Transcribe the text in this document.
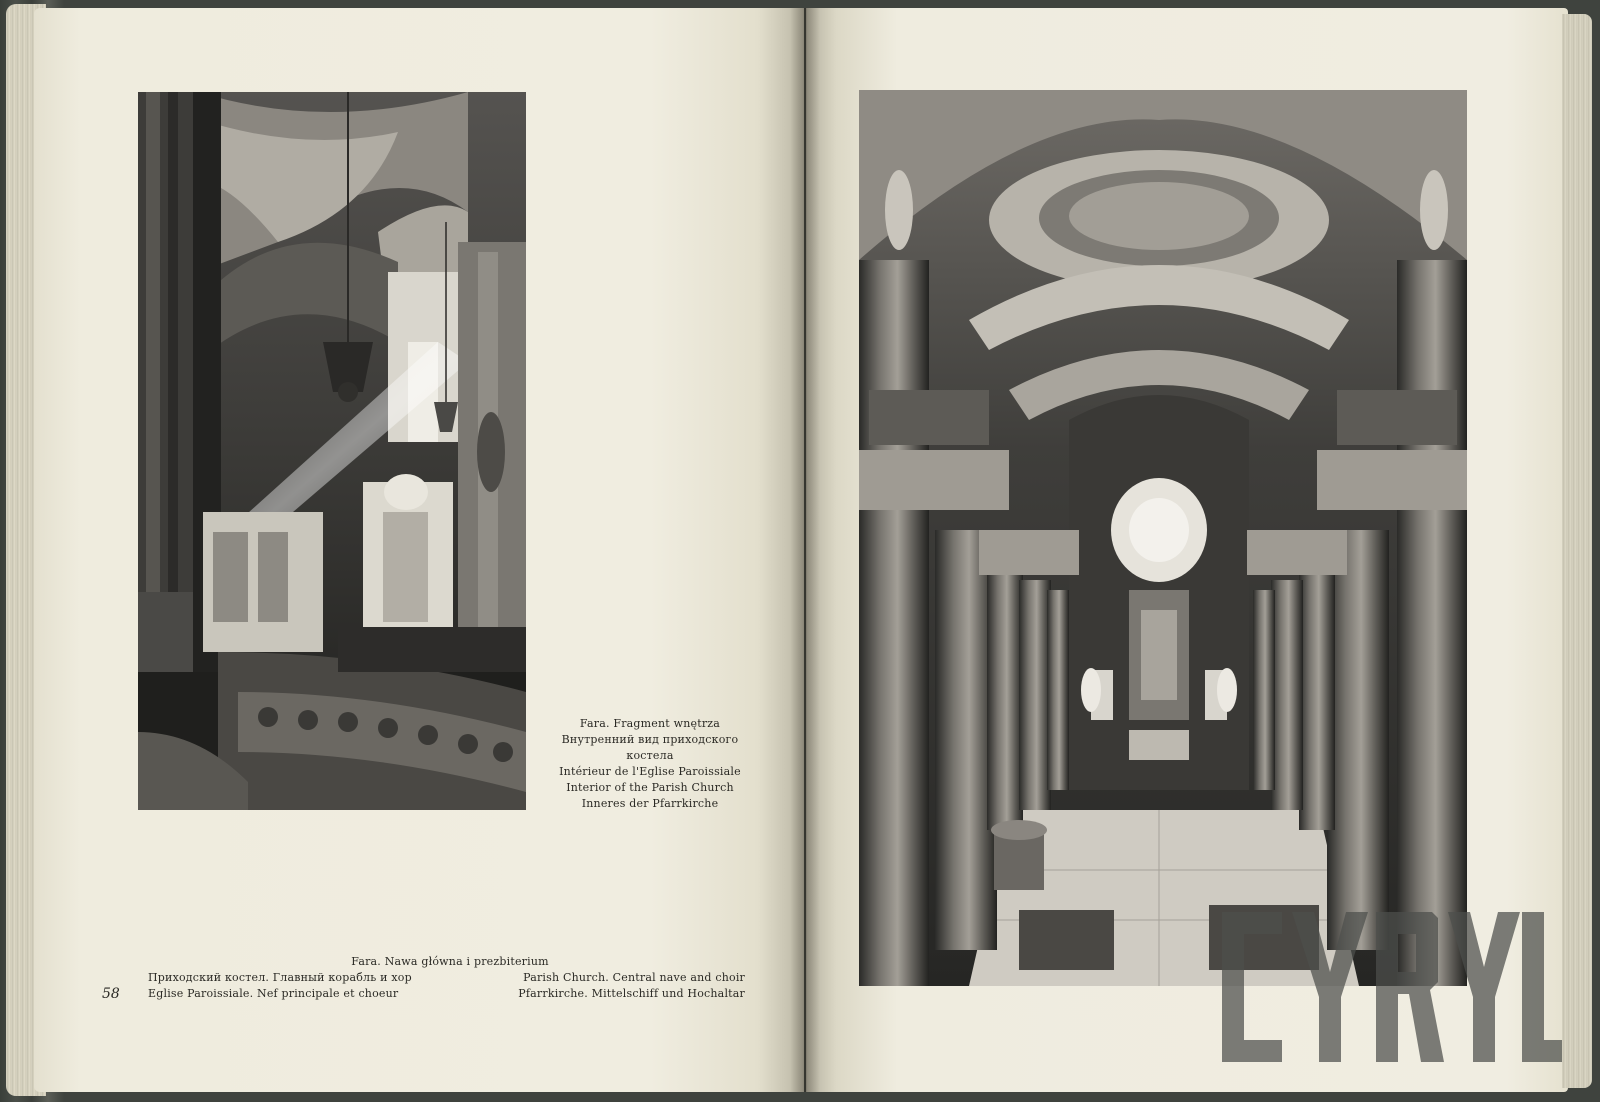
Fara. Fragment wnętrza
Внутренний вид приходского
костела
Intérieur de l'Eglise Paroissiale
Interior of the Parish Church
Inneres der Pfarrkirche
Fara. Nawa główna i prezbiterium
Приходский костел. Главный корабль и хор
Eglise Paroissiale. Nef principale et choeur
Parish Church. Central nave and choir
Pfarrkirche. Mittelschiff und Hochaltar
58
